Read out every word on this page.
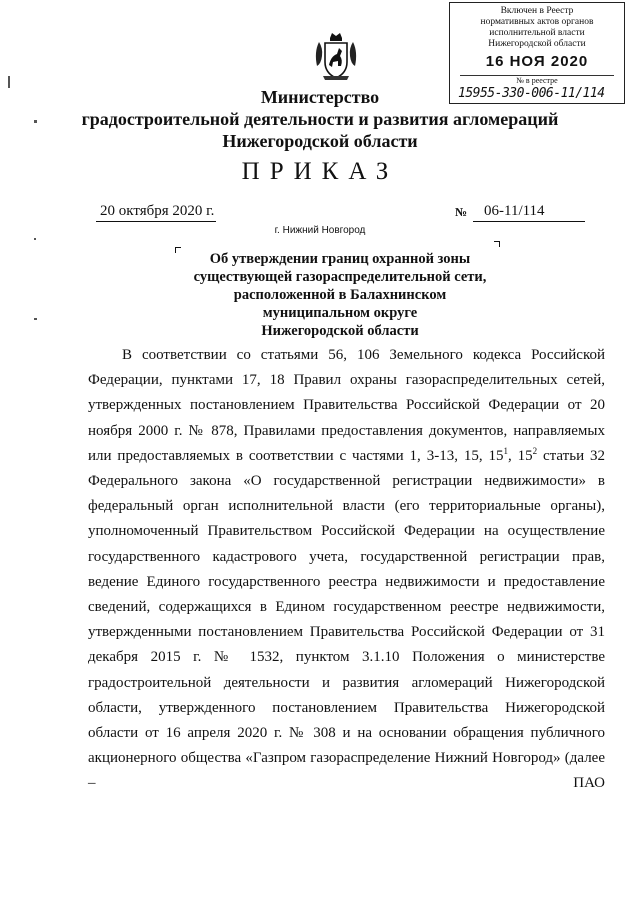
Включен в Реестр
нормативных актов органов
исполнительной власти
Нижегородской области
16 НОЯ 2020
№ в реестре
15955-330-006-11/114
Министерство
градостроительной деятельности и развития агломераций
Нижегородской области
ПРИКАЗ
20 октября 2020 г.	№ 06-11/114
г. Нижний Новгород
Об утверждении границ охранной зоны
существующей газораспределительной сети,
расположенной в Балахнинском
муниципальном округе
Нижегородской области

В соответствии со статьями 56, 106 Земельного кодекса Российской Федерации, пунктами 17, 18 Правил охраны газораспределительных сетей, утвержденных постановлением Правительства Российской Федерации от 20 ноября 2000 г. № 878, Правилами предоставления документов, направляемых или предоставляемых в соответствии с частями 1, 3-13, 15, $15^1$, $15^2$ статьи 32 Федерального закона «О государственной регистрации недвижимости» в федеральный орган исполнительной власти (его территориальные органы), уполномоченный Правительством Российской Федерации на осуществление государственного кадастрового учета, государственной регистрации прав, ведение Единого государственного реестра недвижимости и предоставление сведений, содержащихся в Едином государственном реестре недвижимости, утвержденными постановлением Правительства Российской Федерации от 31 декабря 2015 г. № 1532, пунктом 3.1.10 Положения о министерстве градостроительной деятельности и развития агломераций Нижегородской области, утвержденного постановлением Правительства Нижегородской области от 16 апреля 2020 г. № 308 и на основании обращения публичного акционерного общества «Газпром газораспределение Нижний Новгород» (далее – ПАО
